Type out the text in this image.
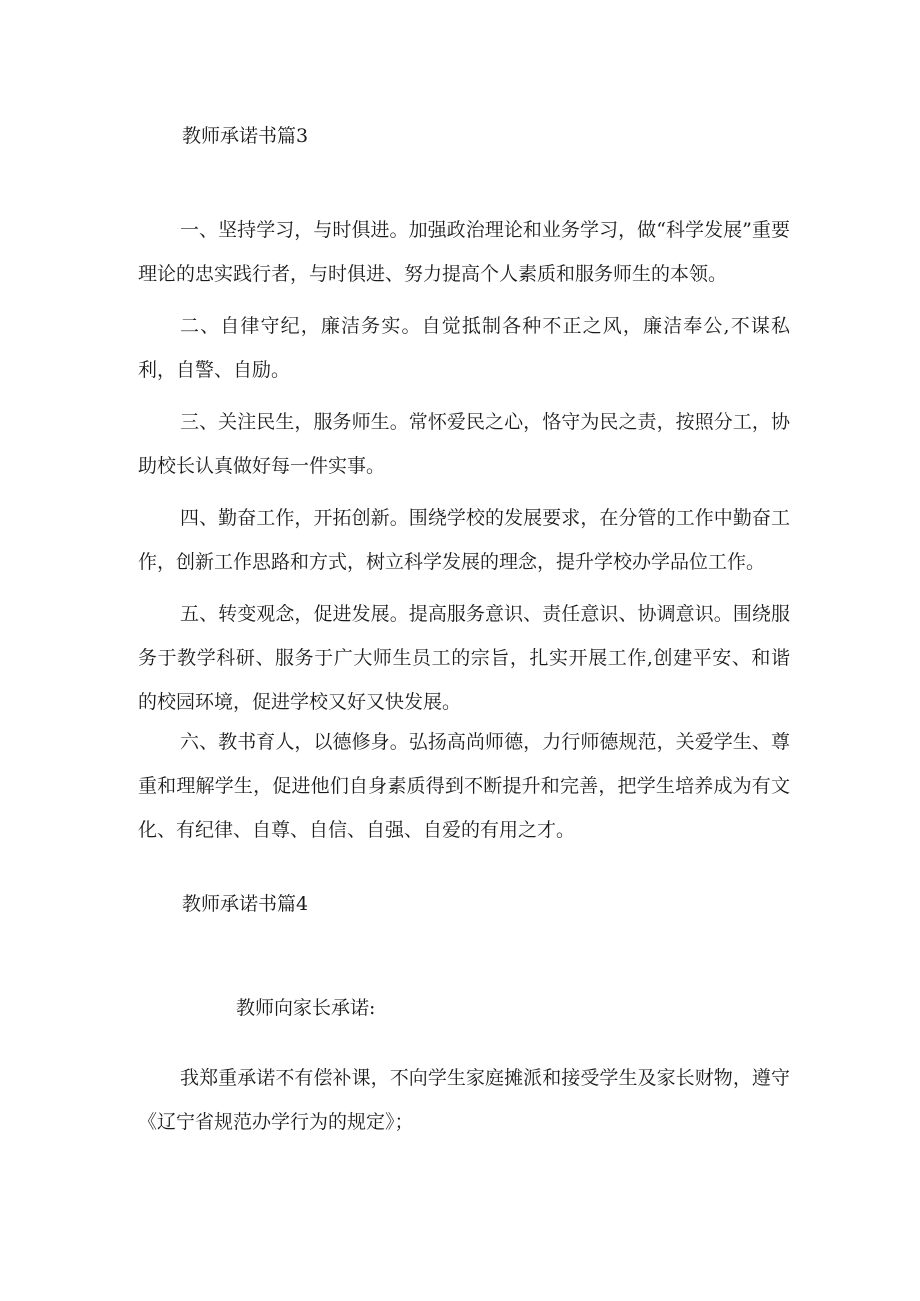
教师承诺书篇3

一、坚持学习，与时俱进。加强政治理论和业务学习，做“科学发展”重要理论的忠实践行者，与时俱进、努力提高个人素质和服务师生的本领。

二、自律守纪，廉洁务实。自觉抵制各种不正之风，廉洁奉公,不谋私利，自警、自励。

三、关注民生，服务师生。常怀爱民之心，恪守为民之责，按照分工，协助校长认真做好每一件实事。

四、勤奋工作，开拓创新。围绕学校的发展要求，在分管的工作中勤奋工作，创新工作思路和方式，树立科学发展的理念，提升学校办学品位工作。

五、转变观念，促进发展。提高服务意识、责任意识、协调意识。围绕服务于教学科研、服务于广大师生员工的宗旨，扎实开展工作,创建平安、和谐的校园环境，促进学校又好又快发展。

六、教书育人，以德修身。弘扬高尚师德，力行师德规范，关爱学生、尊重和理解学生，促进他们自身素质得到不断提升和完善，把学生培养成为有文化、有纪律、自尊、自信、自强、自爱的有用之才。

教师承诺书篇4
教师向家长承诺:

我郑重承诺不有偿补课，不向学生家庭摊派和接受学生及家长财物，遵守《辽宁省规范办学行为的规定》；
